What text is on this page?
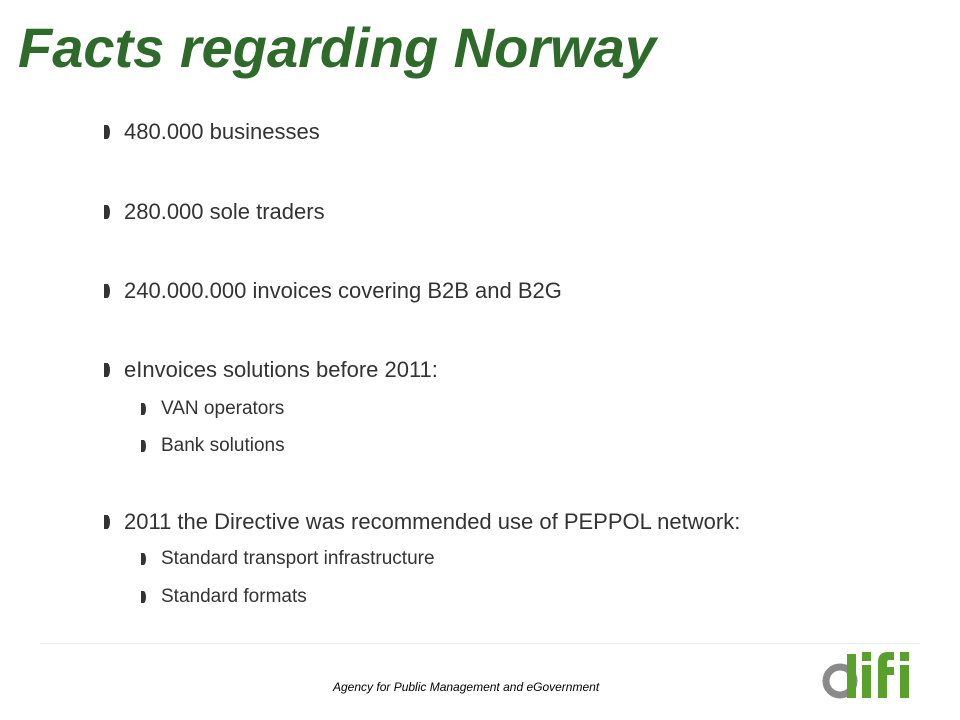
Facts regarding Norway
480.000 businesses
280.000 sole traders
240.000.000 invoices covering B2B and B2G
eInvoices solutions before 2011:
VAN operators
Bank solutions
2011 the Directive was recommended use of PEPPOL network:
Standard transport infrastructure
Standard formats
Agency for Public Management and eGovernment
